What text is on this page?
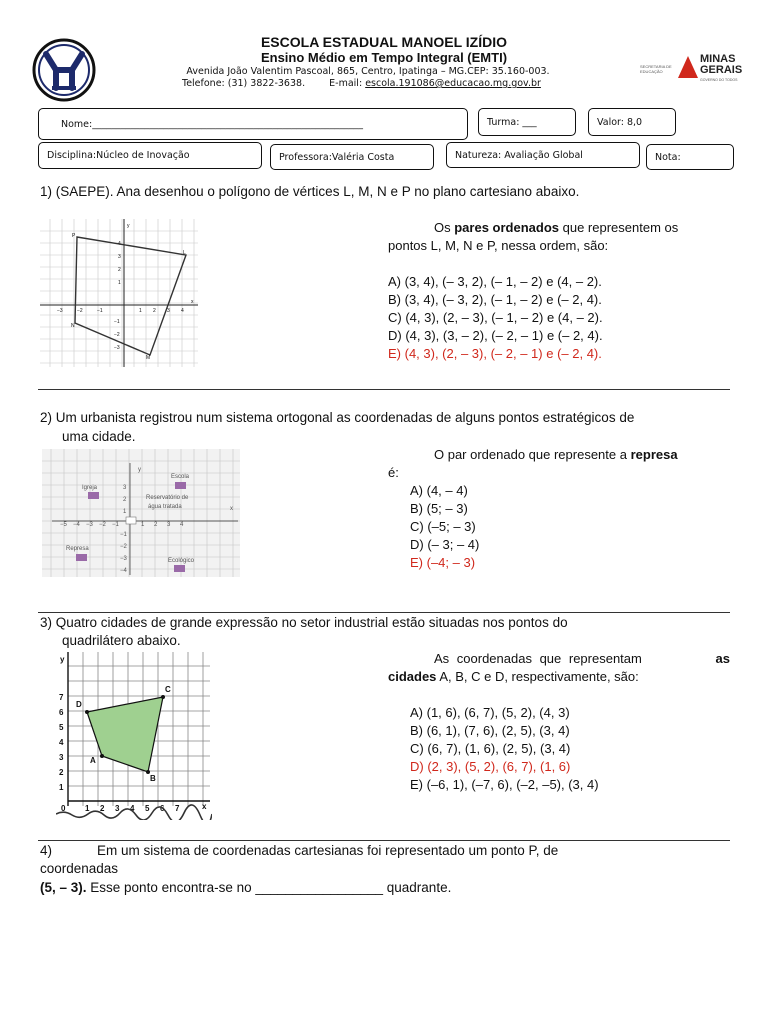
ESCOLA ESTADUAL MANOEL IZÍDIO
Ensino Médio em Tempo Integral (EMTI)
Avenida João Valentim Pascoal, 865, Centro, Ipatinga – MG.CEP: 35.160-003.
Telefone: (31) 3822-3638.	E-mail: escola.191086@educacao.mg.gov.br
SECRETARIA DE EDUCAÇÃO
MINAS
GERAIS
GOVERNO DO TODOS
Nome:_________________________________________________________	Turma: ___	Valor: 8,0
Disciplina:Núcleo de Inovação	Professora:Valéria Costa	Natureza: Avaliação Global	Nota:
1) (SAEPE). Ana desenhou o polígono de vértices L, M, N e P no plano cartesiano abaixo.
P
L
N
M
x
y
−3	−2	−1	1 2 3 4
4
3
2
1
−1
−2
−3
Os pares ordenados que representem os
pontos L, M, N e P, nessa ordem, são:
A) (3, 4), (– 3, 2), (– 1, – 2) e (4, – 2).
B) (3, 4), (– 3, 2), (– 1, – 2) e (– 2, 4).
C) (4, 3), (2, – 3), (– 1, – 2) e (4, – 2).
D) (4, 3), (3, – 2), (– 2, – 1) e (– 2, 4).
E) (4, 3), (2, – 3), (– 2, – 1) e (– 2, 4).
2) Um urbanista registrou num sistema ortogonal as coordenadas de alguns pontos estratégicos de
uma cidade.
Igreja
Escola
Reservatório de
água tratada
Represa
Ecológico
x
y
−5 −4 −3 −2 −1	1 2 3 4
3
2
1
−1
−2
−3
−4
O par ordenado que represente a represa
é:
A) (4, – 4)
B) (5; – 3)
C) (–5; – 3)
D) (– 3; – 4)
E) (–4; – 3)
3) Quatro cidades de grande expressão no setor industrial estão situadas nos pontos do
quadrilátero abaixo.
A
B
C
D
y
x
0 1 2 3 4 5 6 7
7
6
5
4
3
2
1
As coordenadas que representam	as
cidades A, B, C e D, respectivamente, são:
A) (1, 6), (6, 7), (5, 2), (4, 3)
B) (6, 1), (7, 6), (2, 5), (3, 4)
C) (6, 7), (1, 6), (2, 5), (3, 4)
D) (2, 3), (5, 2), (6, 7), (1, 6)
E) (–6, 1), (–7, 6), (–2, –5), (3, 4)
4)            Em um sistema de coordenadas cartesianas foi representado um ponto P, de
coordenadas
(5, – 3). Esse ponto encontra-se no _________________ quadrante.
